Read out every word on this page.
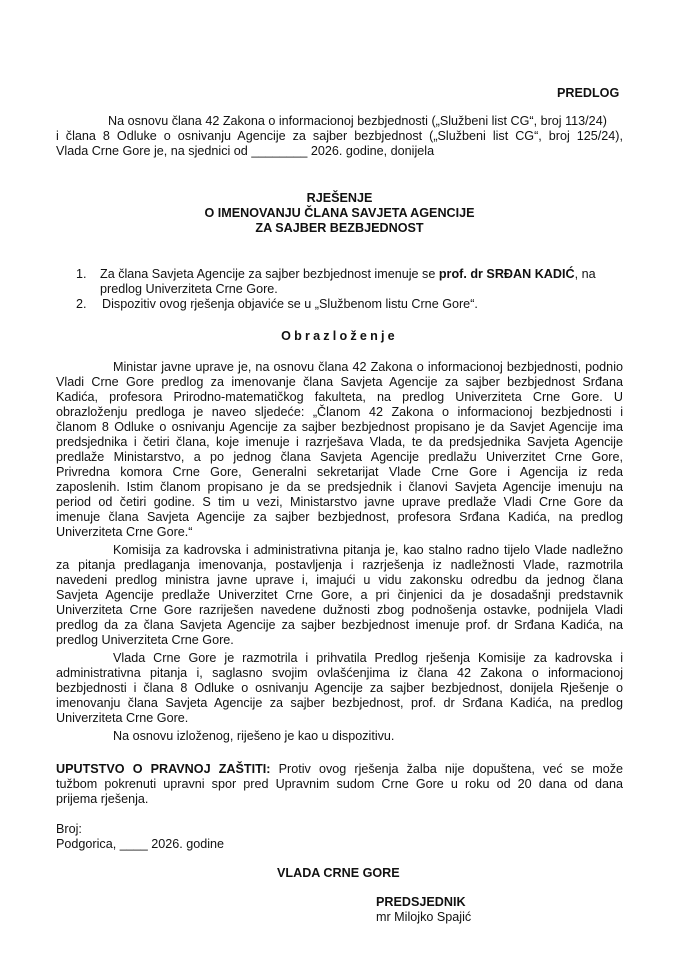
PREDLOG
Na osnovu člana 42 Zakona o informacionoj bezbjednosti („Službeni list CG“, broj 113/24)
i člana 8 Odluke o osnivanju Agencije za sajber bezbjednost („Službeni list CG“, broj 125/24),
Vlada Crne Gore je, na sjednici od ________ 2026. godine, donijela
RJEŠENJE
O IMENOVANJU ČLANA SAVJETA AGENCIJE
ZA SAJBER BEZBJEDNOST
1. Za člana Savjeta Agencije za sajber bezbjednost imenuje se prof. dr SRĐAN KADIĆ, na
predlog Univerziteta Crne Gore.
2. Dispozitiv ovog rješenja objaviće se u „Službenom listu Crne Gore“.
Obrazloženje
Ministar javne uprave je, na osnovu člana 42 Zakona o informacionoj bezbjednosti, podnio
Vladi Crne Gore predlog za imenovanje člana Savjeta Agencije za sajber bezbjednost Srđana
Kadića, profesora Prirodno-matematičkog fakulteta, na predlog Univerziteta Crne Gore. U
obrazloženju predloga je naveo sljedeće: „Članom 42 Zakona o informacionoj bezbjednosti i
članom 8 Odluke o osnivanju Agencije za sajber bezbjednost propisano je da Savjet Agencije ima
predsjednika i četiri člana, koje imenuje i razrješava Vlada, te da predsjednika Savjeta Agencije
predlaže Ministarstvo, a po jednog člana Savjeta Agencije predlažu Univerzitet Crne Gore,
Privredna komora Crne Gore, Generalni sekretarijat Vlade Crne Gore i Agencija iz reda
zaposlenih. Istim članom propisano je da se predsjednik i članovi Savjeta Agencije imenuju na
period od četiri godine. S tim u vezi, Ministarstvo javne uprave predlaže Vladi Crne Gore da
imenuje člana Savjeta Agencije za sajber bezbjednost, profesora Srđana Kadića, na predlog
Univerziteta Crne Gore.“
Komisija za kadrovska i administrativna pitanja je, kao stalno radno tijelo Vlade nadležno
za pitanja predlaganja imenovanja, postavljenja i razrješenja iz nadležnosti Vlade, razmotrila
navedeni predlog ministra javne uprave i, imajući u vidu zakonsku odredbu da jednog člana
Savjeta Agencije predlaže Univerzitet Crne Gore, a pri činjenici da je dosadašnji predstavnik
Univerziteta Crne Gore razriješen navedene dužnosti zbog podnošenja ostavke, podnijela Vladi
predlog da za člana Savjeta Agencije za sajber bezbjednost imenuje prof. dr Srđana Kadića, na
predlog Univerziteta Crne Gore.
Vlada Crne Gore je razmotrila i prihvatila Predlog rješenja Komisije za kadrovska i
administrativna pitanja i, saglasno svojim ovlašćenjima iz člana 42 Zakona o informacionoj
bezbjednosti i člana 8 Odluke o osnivanju Agencije za sajber bezbjednost, donijela Rješenje o
imenovanju člana Savjeta Agencije za sajber bezbjednost, prof. dr Srđana Kadića, na predlog
Univerziteta Crne Gore.
Na osnovu izloženog, riješeno je kao u dispozitivu.
UPUTSTVO O PRAVNOJ ZAŠTITI: Protiv ovog rješenja žalba nije dopuštena, već se može
tužbom pokrenuti upravni spor pred Upravnim sudom Crne Gore u roku od 20 dana od dana
prijema rješenja.
Broj:
Podgorica, ____ 2026. godine
VLADA CRNE GORE
PREDSJEDNIK
mr Milojko Spajić
